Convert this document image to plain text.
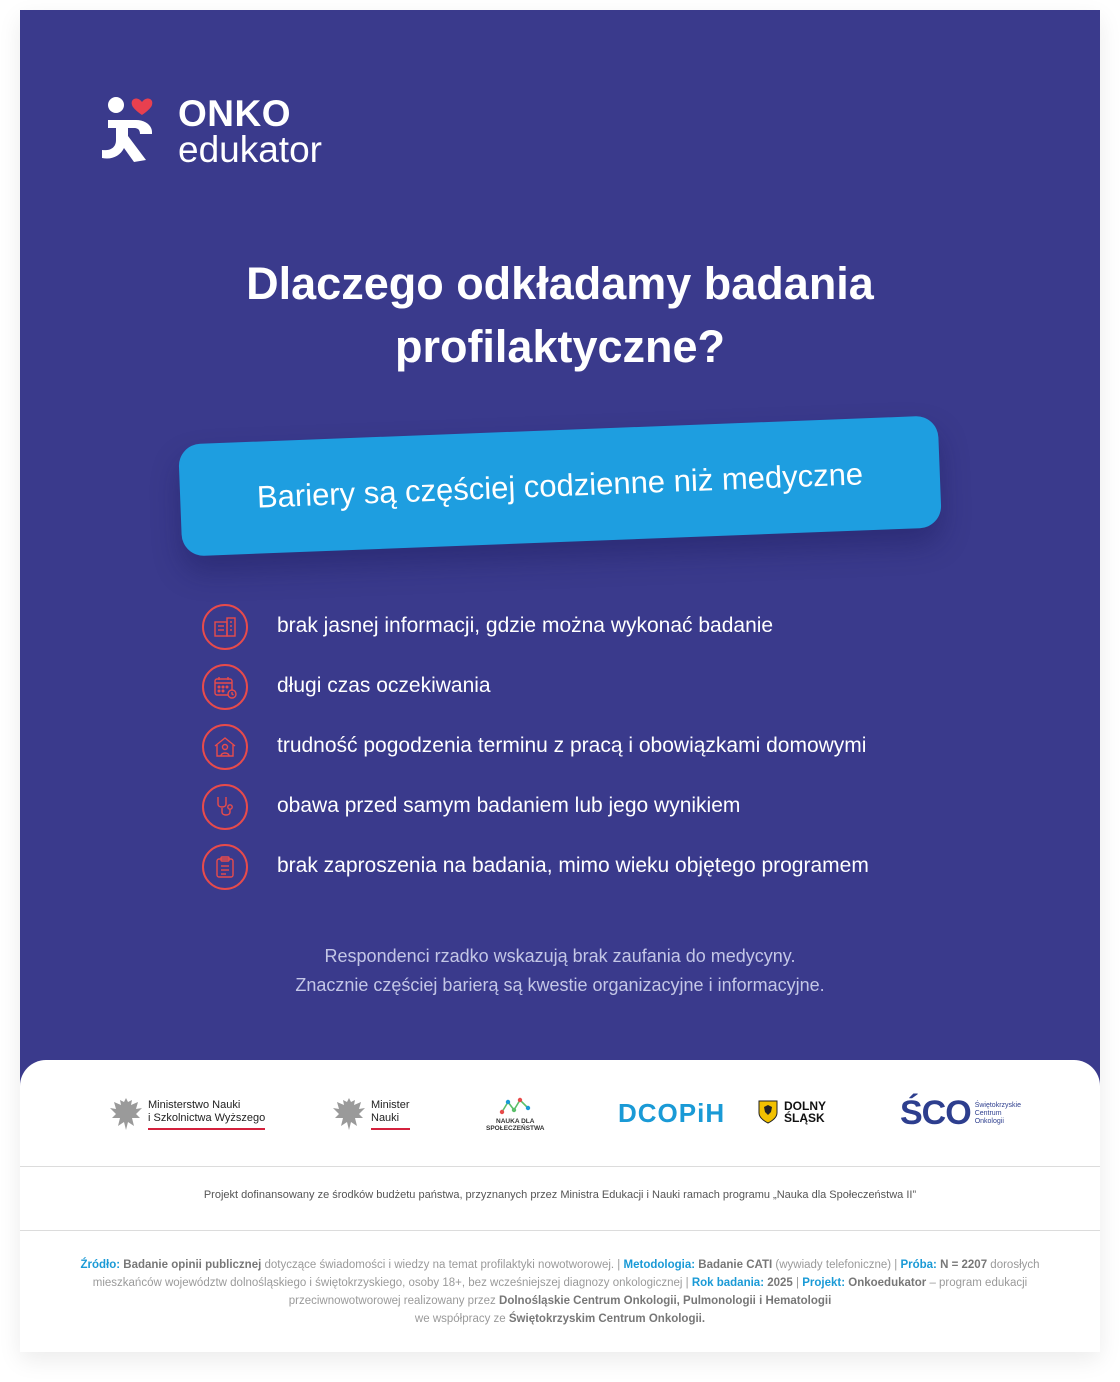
ONKO
edukator
Dlaczego odkładamy badania profilaktyczne?
Bariery są częściej codzienne niż medyczne
brak jasnej informacji, gdzie można wykonać badanie
długi czas oczekiwania
trudność pogodzenia terminu z pracą i obowiązkami domowymi
obawa przed samym badaniem lub jego wynikiem
brak zaproszenia na badania, mimo wieku objętego programem
Respondenci rzadko wskazują brak zaufania do medycyny.
Znacznie częściej barierą są kwestie organizacyjne i informacyjne.
Ministerstwo Nauki
i Szkolnictwa Wyższego
Minister
Nauki	NAUKA DLA
SPOŁECZEŃSTWA
DCOPiH	DOLNY
ŚLĄSK ŚCO Świętokrzyskie
Centrum
Onkologii
Projekt dofinansowany ze środków budżetu państwa, przyznanych przez Ministra Edukacji i Nauki ramach programu „Nauka dla Społeczeństwa II”
Źródło: Badanie opinii publicznej dotyczące świadomości i wiedzy na temat profilaktyki nowotworowej. | Metodologia: Badanie CATI (wywiady telefoniczne) | Próba: N = 2207 dorosłych mieszkańców województw dolnośląskiego i świętokrzyskiego, osoby 18+, bez wcześniejszej diagnozy onkologicznej | Rok badania: 2025 | Projekt: Onkoedukator – program edukacji przeciwnowotworowej realizowany przez Dolnośląskie Centrum Onkologii, Pulmonologii i Hematologii
we współpracy ze Świętokrzyskim Centrum Onkologii.
